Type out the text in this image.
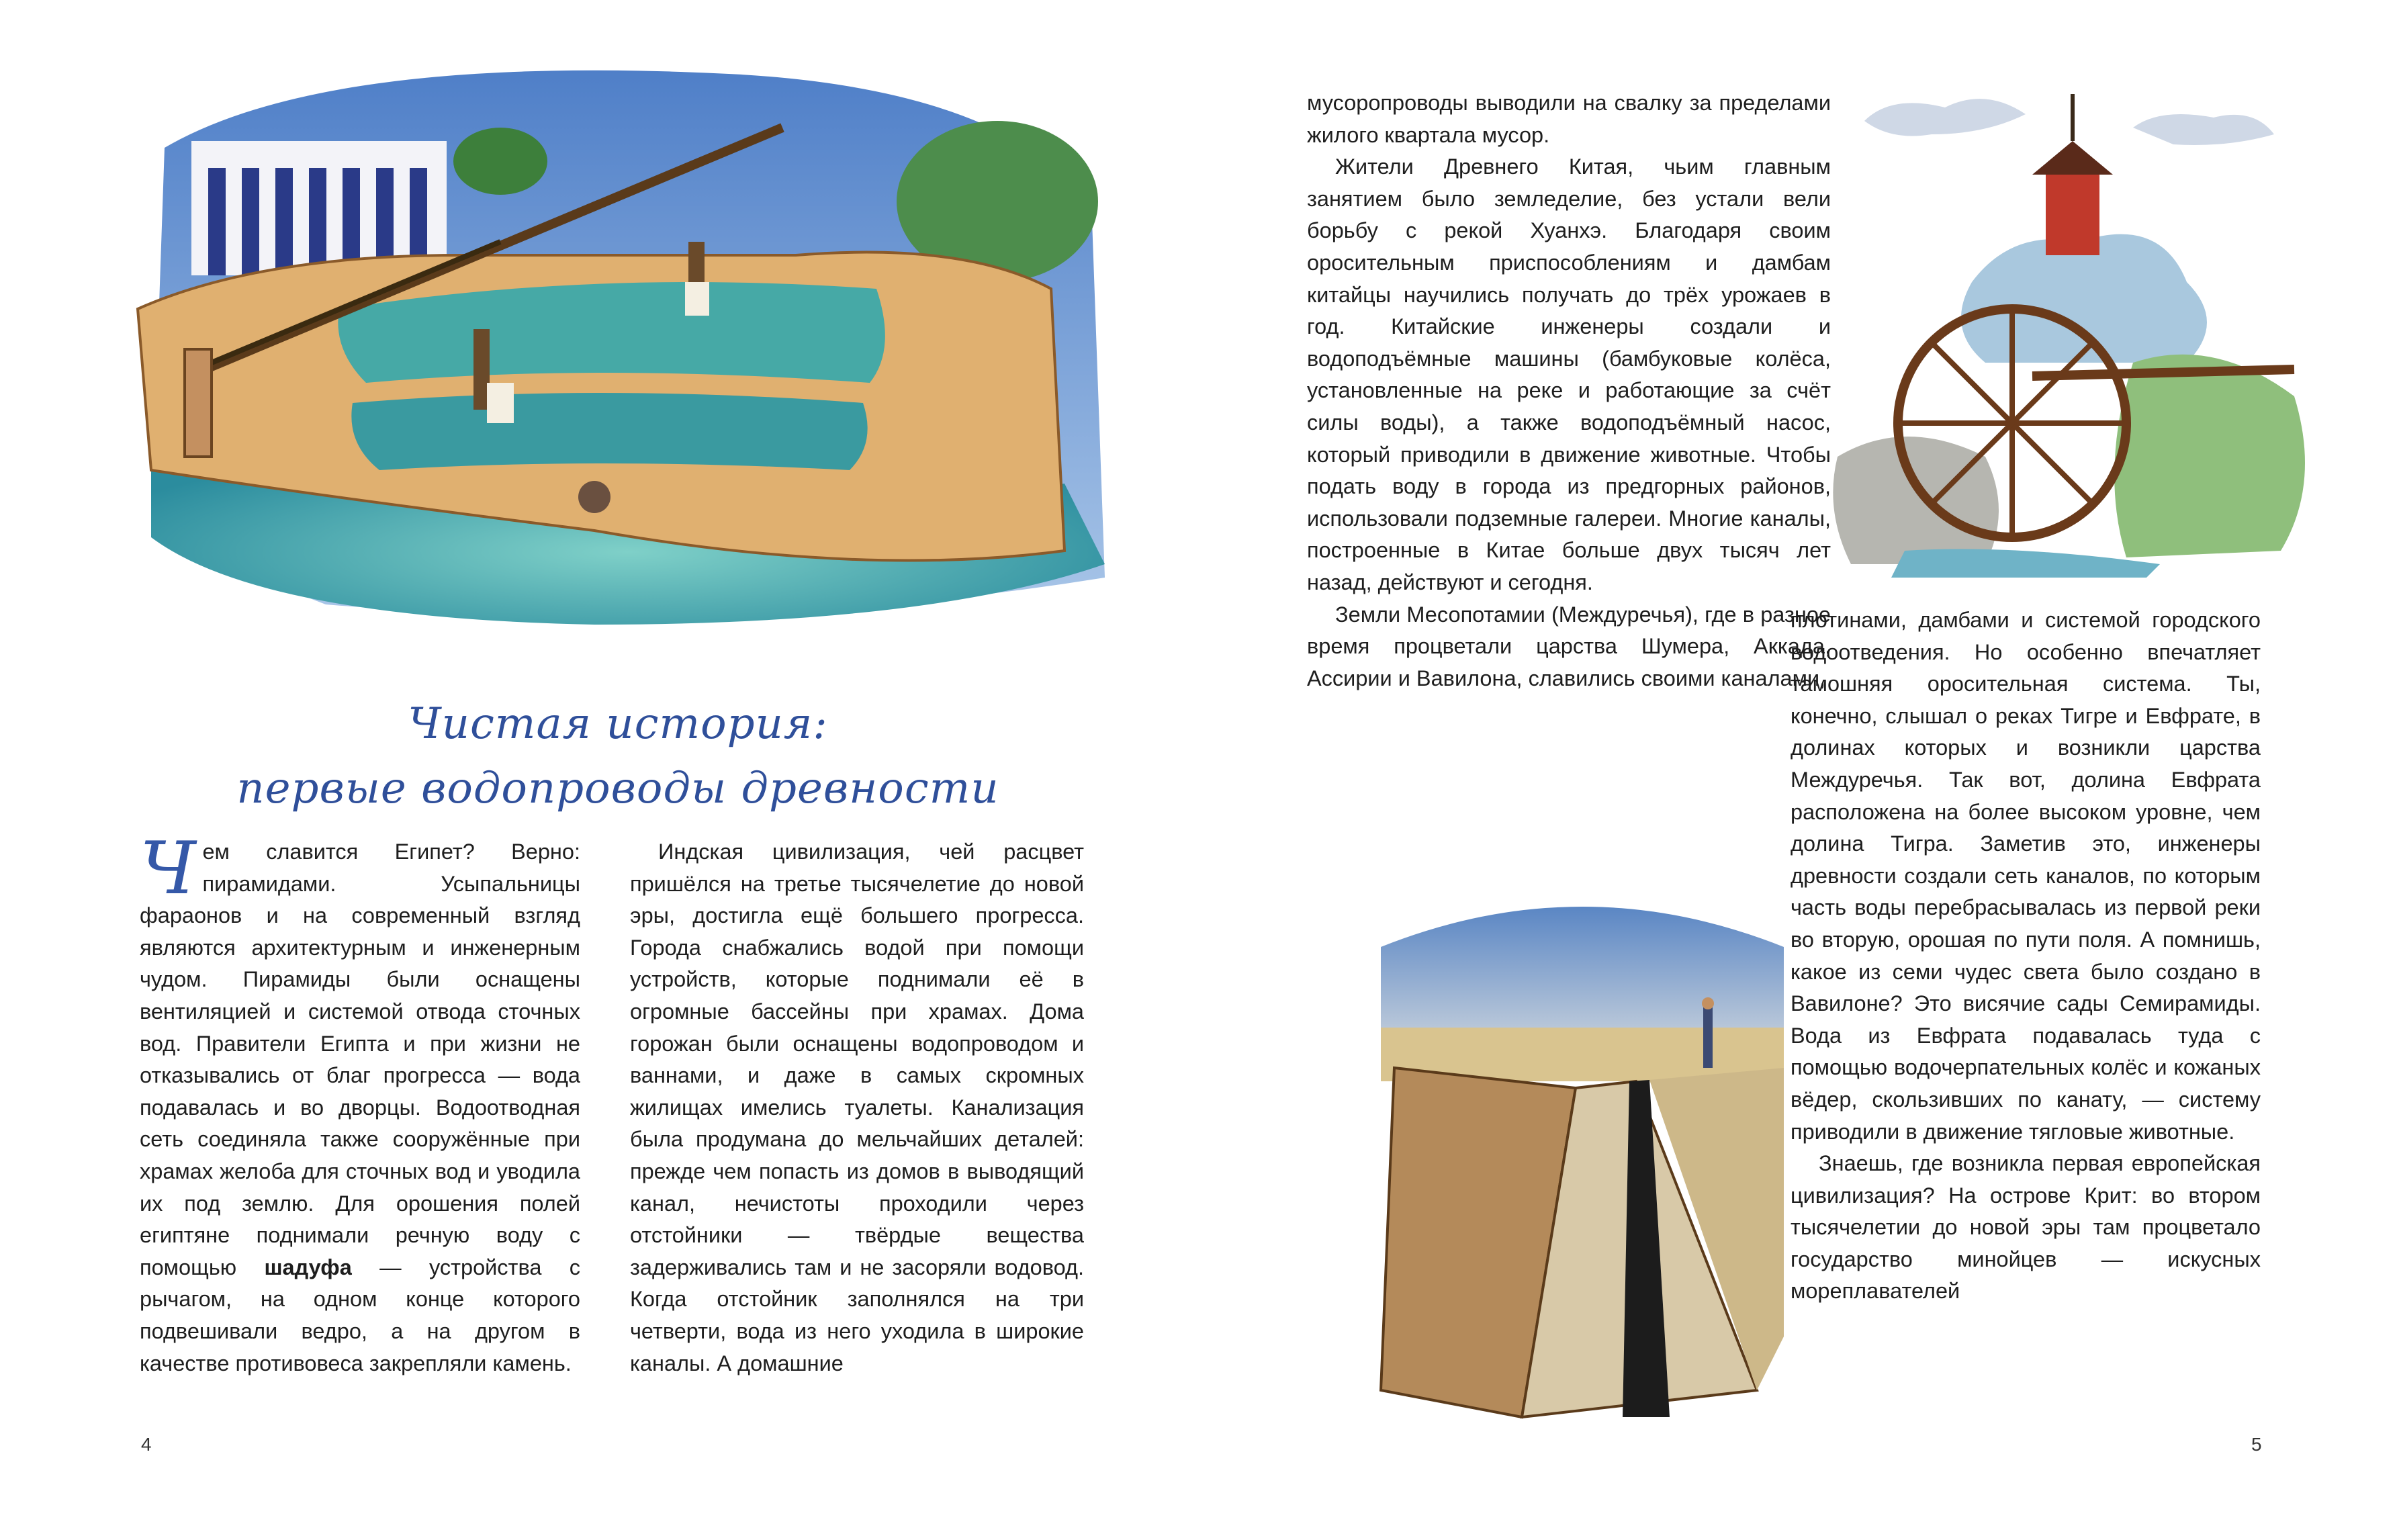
Чистая история:
первые водопроводы древности

Чем славится Египет? Верно: пирамидами. Усыпальницы фараонов и на современный взгляд являются архитектурным и инженерным чудом. Пирамиды были оснащены вентиляцией и системой отвода сточных вод. Правители Египта и при жизни не отказывались от благ прогресса — вода подавалась и во дворцы. Водоотводная сеть соединяла также сооружённые при храмах желоба для сточных вод и уводила их под землю. Для орошения полей египтяне поднимали речную воду с помощью шадуфа — устройства с рычагом, на одном конце которого подвешивали ведро, а на другом в качестве противовеса закрепляли камень.

Индская цивилизация, чей расцвет пришёлся на третье тысячелетие до новой эры, достигла ещё большего прогресса. Города снабжались водой при помощи устройств, которые поднимали её в огромные бассейны при храмах. Дома горожан были оснащены водопроводом и ваннами, и даже в самых скромных жилищах имелись туалеты. Канализация была продумана до мельчайших деталей: прежде чем попасть из домов в выводящий канал, нечистоты проходили через отстойники — твёрдые вещества задерживались там и не засоряли водовод. Когда отстойник заполнялся на три четверти, вода из него уходила в широкие каналы. А домашние

4

мусоропроводы выводили на свалку за пределами жилого квартала мусор.

Жители Древнего Китая, чьим главным занятием было земледелие, без устали вели борьбу с рекой Хуанхэ. Благодаря своим оросительным приспособлениям и дамбам китайцы научились получать до трёх урожаев в год. Китайские инженеры создали и водоподъёмные машины (бамбуковые колёса, установленные на реке и работающие за счёт силы воды), а также водоподъёмный насос, который приводили в движение животные. Чтобы подать воду в города из предгорных районов, использовали подземные галереи. Многие каналы, построенные в Китае больше двух тысяч лет назад, действуют и сегодня.

Земли Месопотамии (Междуречья), где в разное время процветали царства Шумера, Аккада, Ассирии и Вавилона, славились своими каналами,

плотинами, дамбами и системой городского водоотведения. Но особенно впечатляет тамошняя оросительная система. Ты, конечно, слышал о реках Тигре и Евфрате, в долинах которых и возникли царства Междуречья. Так вот, долина Евфрата расположена на более высоком уровне, чем долина Тигра. Заметив это, инженеры древности создали сеть каналов, по которым часть воды перебрасывалась из первой реки во вторую, орошая по пути поля. А помнишь, какое из семи чудес света было создано в Вавилоне? Это висячие сады Семирамиды. Вода из Евфрата подавалась туда с помощью водочерпательных колёс и кожаных вёдер, скользивших по канату, — систему приводили в движение тягловые животные.

Знаешь, где возникла первая европейская цивилизация? На острове Крит: во втором тысячелетии до новой эры там процветало государство минойцев — искусных мореплавателей

5
